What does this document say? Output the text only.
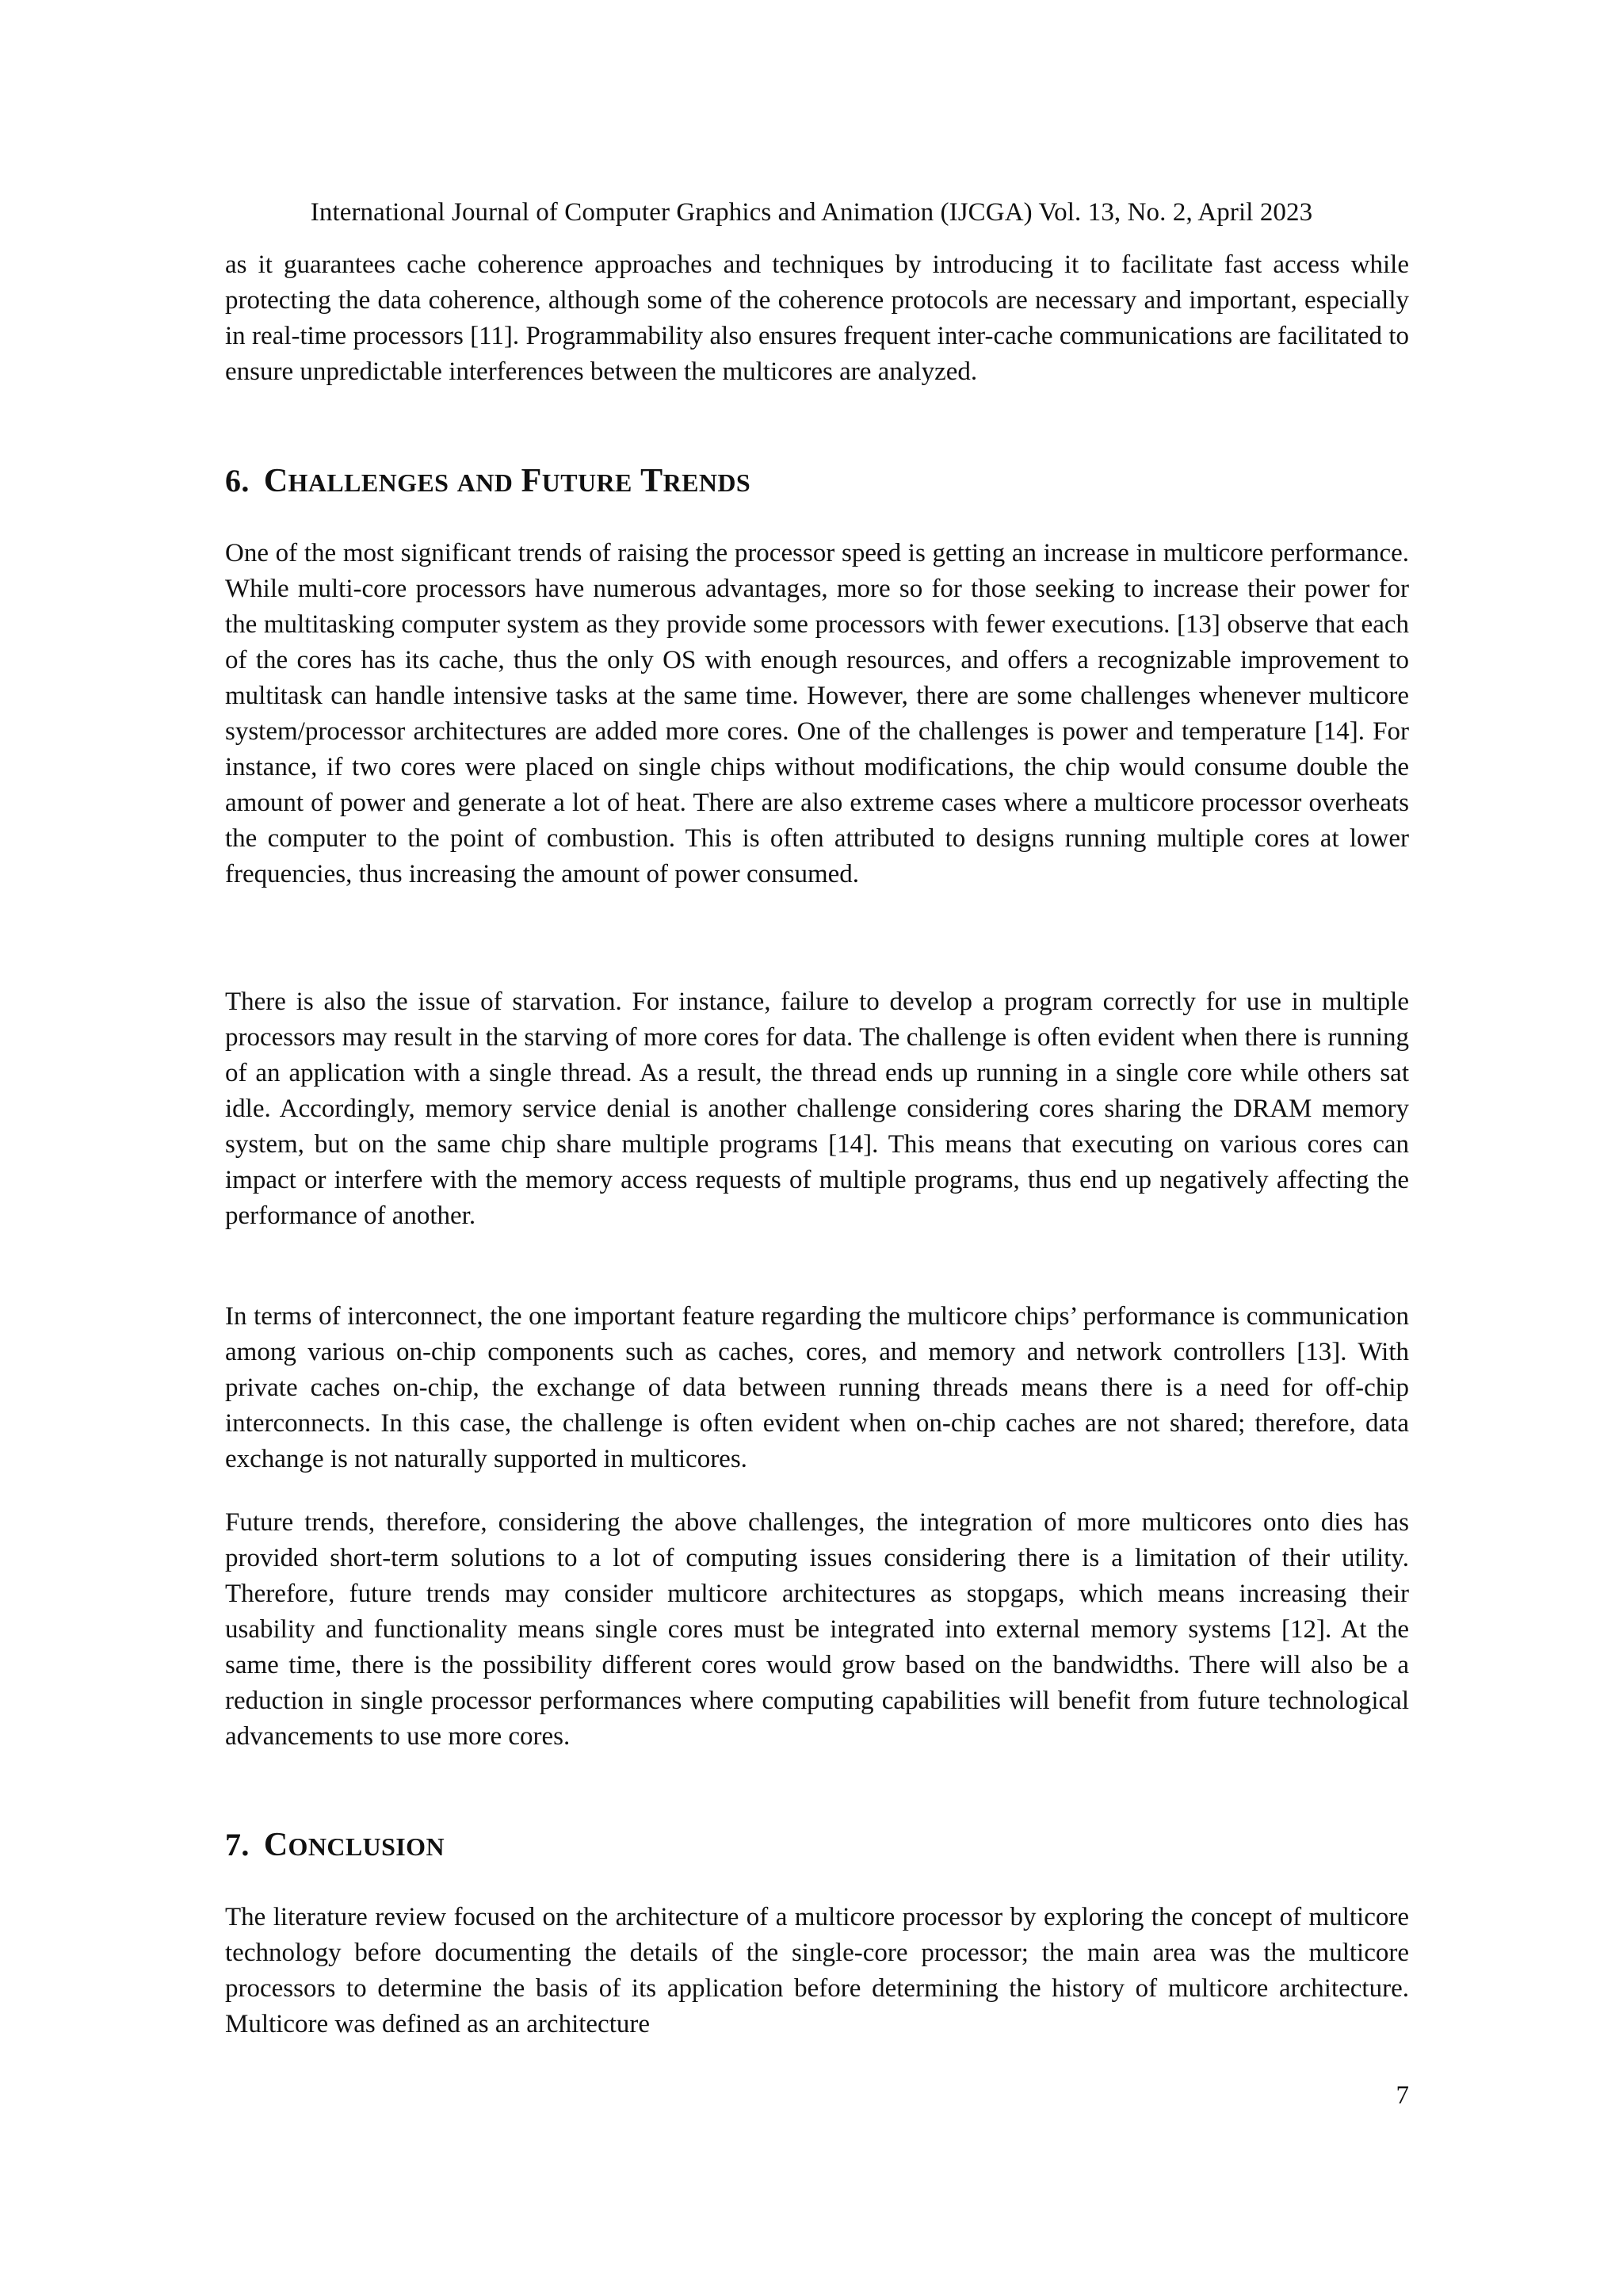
International Journal of Computer Graphics and Animation (IJCGA) Vol. 13, No. 2, April 2023

as it guarantees cache coherence approaches and techniques by introducing it to facilitate fast access while protecting the data coherence, although some of the coherence protocols are necessary and important, especially in real-time processors [11]. Programmability also ensures frequent inter-cache communications are facilitated to ensure unpredictable interferences between the multicores are analyzed.

6. CHALLENGES AND FUTURE TRENDS

One of the most significant trends of raising the processor speed is getting an increase in multicore performance. While multi-core processors have numerous advantages, more so for those seeking to increase their power for the multitasking computer system as they provide some processors with fewer executions. [13] observe that each of the cores has its cache, thus the only OS with enough resources, and offers a recognizable improvement to multitask can handle intensive tasks at the same time. However, there are some challenges whenever multicore system/processor architectures are added more cores. One of the challenges is power and temperature [14]. For instance, if two cores were placed on single chips without modifications, the chip would consume double the amount of power and generate a lot of heat. There are also extreme cases where a multicore processor overheats the computer to the point of combustion. This is often attributed to designs running multiple cores at lower frequencies, thus increasing the amount of power consumed.

There is also the issue of starvation. For instance, failure to develop a program correctly for use in multiple processors may result in the starving of more cores for data. The challenge is often evident when there is running of an application with a single thread. As a result, the thread ends up running in a single core while others sat idle. Accordingly, memory service denial is another challenge considering cores sharing the DRAM memory system, but on the same chip share multiple programs [14]. This means that executing on various cores can impact or interfere with the memory access requests of multiple programs, thus end up negatively affecting the performance of another.

In terms of interconnect, the one important feature regarding the multicore chips’ performance is communication among various on-chip components such as caches, cores, and memory and network controllers [13]. With private caches on-chip, the exchange of data between running threads means there is a need for off-chip interconnects. In this case, the challenge is often evident when on-chip caches are not shared; therefore, data exchange is not naturally supported in multicores.

Future trends, therefore, considering the above challenges, the integration of more multicores onto dies has provided short-term solutions to a lot of computing issues considering there is a limitation of their utility. Therefore, future trends may consider multicore architectures as stopgaps, which means increasing their usability and functionality means single cores must be integrated into external memory systems [12]. At the same time, there is the possibility different cores would grow based on the bandwidths. There will also be a reduction in single processor performances where computing capabilities will benefit from future technological advancements to use more cores.

7. CONCLUSION

The literature review focused on the architecture of a multicore processor by exploring the concept of multicore technology before documenting the details of the single-core processor; the main area was the multicore processors to determine the basis of its application before determining the history of multicore architecture. Multicore was defined as an architecture

7
